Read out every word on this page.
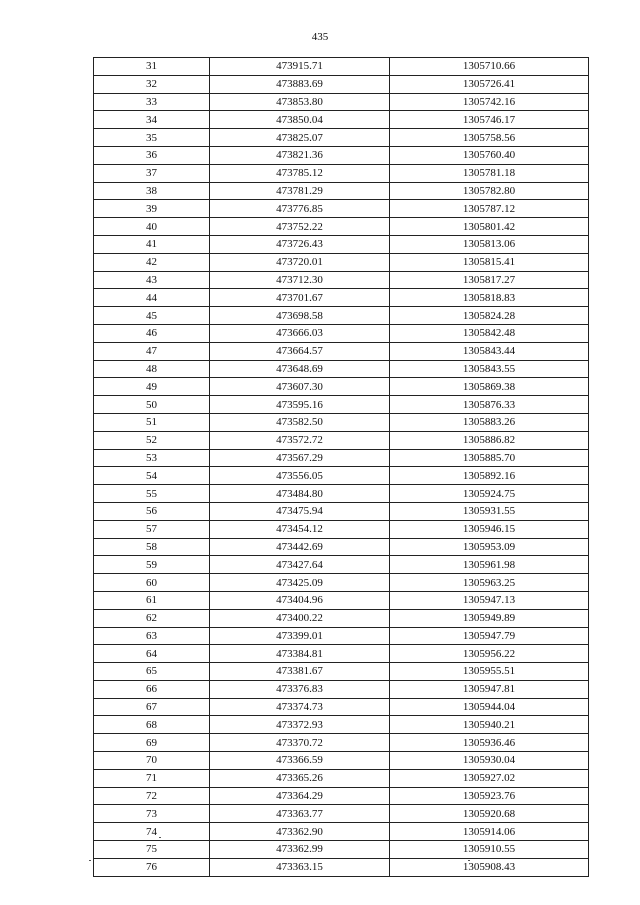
435
31	473915.71	1305710.66
32	473883.69	1305726.41
33	473853.80	1305742.16
34	473850.04	1305746.17
35	473825.07	1305758.56
36	473821.36	1305760.40
37	473785.12	1305781.18
38	473781.29	1305782.80
39	473776.85	1305787.12
40	473752.22	1305801.42
41	473726.43	1305813.06
42	473720.01	1305815.41
43	473712.30	1305817.27
44	473701.67	1305818.83
45	473698.58	1305824.28
46	473666.03	1305842.48
47	473664.57	1305843.44
48	473648.69	1305843.55
49	473607.30	1305869.38
50	473595.16	1305876.33
51	473582.50	1305883.26
52	473572.72	1305886.82
53	473567.29	1305885.70
54	473556.05	1305892.16
55	473484.80	1305924.75
56	473475.94	1305931.55
57	473454.12	1305946.15
58	473442.69	1305953.09
59	473427.64	1305961.98
60	473425.09	1305963.25
61	473404.96	1305947.13
62	473400.22	1305949.89
63	473399.01	1305947.79
64	473384.81	1305956.22
65	473381.67	1305955.51
66	473376.83	1305947.81
67	473374.73	1305944.04
68	473372.93	1305940.21
69	473370.72	1305936.46
70	473366.59	1305930.04
71	473365.26	1305927.02
72	473364.29	1305923.76
73	473363.77	1305920.68
74	473362.90	1305914.06
75	473362.99	1305910.55
76	473363.15	1305908.43
